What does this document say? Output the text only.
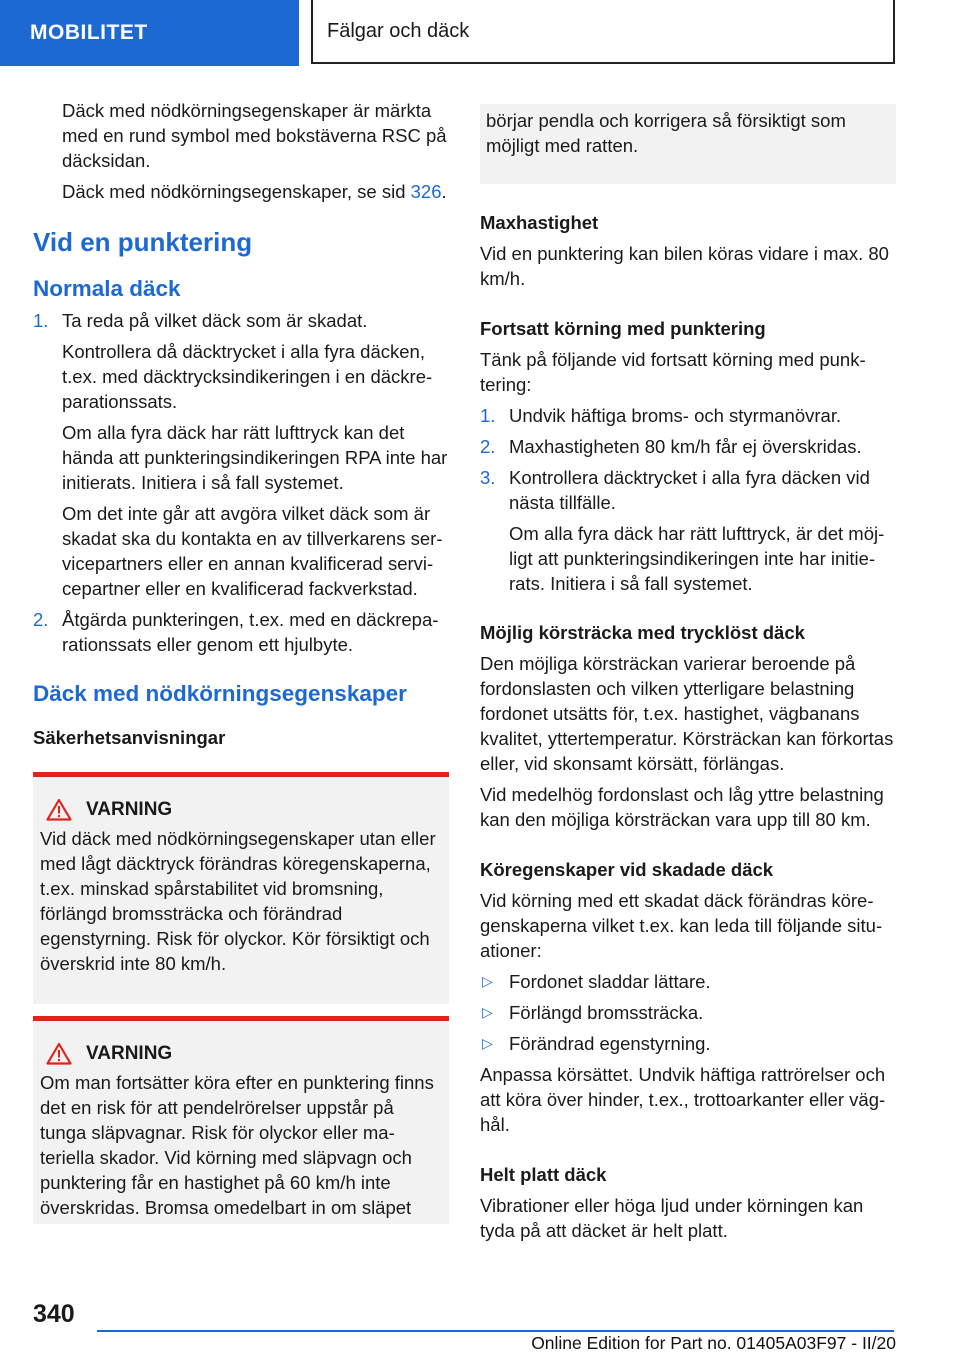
MOBILITET	Fälgar och däck

Däck med nödkörningsegenskaper är märkta med en rund symbol med bokstäverna RSC på däcksidan.

Däck med nödkörningsegenskaper, se sid 326.

Vid en punktering
Normala däck
1. Ta reda på vilket däck som är skadat.

Kontrollera då däcktrycket i alla fyra däcken, t.ex. med däcktrycksindikeringen i en däckreparationssats.

Om alla fyra däck har rätt lufttryck kan det hända att punkteringsindikeringen RPA inte har initierats. Initiera i så fall systemet.

Om det inte går att avgöra vilket däck som är skadat ska du kontakta en av tillverkarens servicepartners eller en annan kvalificerad servicepartner eller en kvalificerad fackverkstad.

2. Åtgärda punkteringen, t.ex. med en däckreparationssats eller genom ett hjulbyte.

Däck med nödkörningsegenskaper
Säkerhetsanvisningar
VARNING

Vid däck med nödkörningsegenskaper utan eller med lågt däcktryck förändras köregenskaperna, t.ex. minskad spårstabilitet vid bromsning, förlängd bromssträcka och förändrad egenstyrning. Risk för olyckor. Kör försiktigt och överskrid inte 80 km/h.

VARNING

Om man fortsätter köra efter en punktering finns det en risk för att pendelrörelser uppstår på tunga släpvagnar. Risk för olyckor eller materiella skador. Vid körning med släpvagn och punktering får en hastighet på 60 km/h inte överskridas. Bromsa omedelbart in om släpet

börjar pendla och korrigera så försiktigt som möjligt med ratten.

Maxhastighet

Vid en punktering kan bilen köras vidare i max. 80 km/h.

Fortsatt körning med punktering

Tänk på följande vid fortsatt körning med punktering:

1. Undvik häftiga broms- och styrmanövrar.

2. Maxhastigheten 80 km/h får ej överskridas.

3. Kontrollera däcktrycket i alla fyra däcken vid nästa tillfälle.

Om alla fyra däck har rätt lufttryck, är det möjligt att punkteringsindikeringen inte har initierats. Initiera i så fall systemet.

Möjlig körsträcka med trycklöst däck

Den möjliga körsträckan varierar beroende på fordonslasten och vilken ytterligare belastning fordonet utsätts för, t.ex. hastighet, vägbanans kvalitet, yttertemperatur. Körsträckan kan förkortas eller, vid skonsamt körsätt, förlängas.

Vid medelhög fordonslast och låg yttre belastning kan den möjliga körsträckan vara upp till 80 km.

Köregenskaper vid skadade däck

Vid körning med ett skadat däck förändras köregenskaperna vilket t.ex. kan leda till följande situationer:

▷ Fordonet sladdar lättare.
▷ Förlängd bromssträcka.
▷ Förändrad egenstyrning.

Anpassa körsättet. Undvik häftiga rattrörelser och att köra över hinder, t.ex., trottoarkanter eller väghål.

Helt platt däck

Vibrationer eller höga ljud under körningen kan tyda på att däcket är helt platt.

340
Online Edition for Part no. 01405A03F97 - II/20
